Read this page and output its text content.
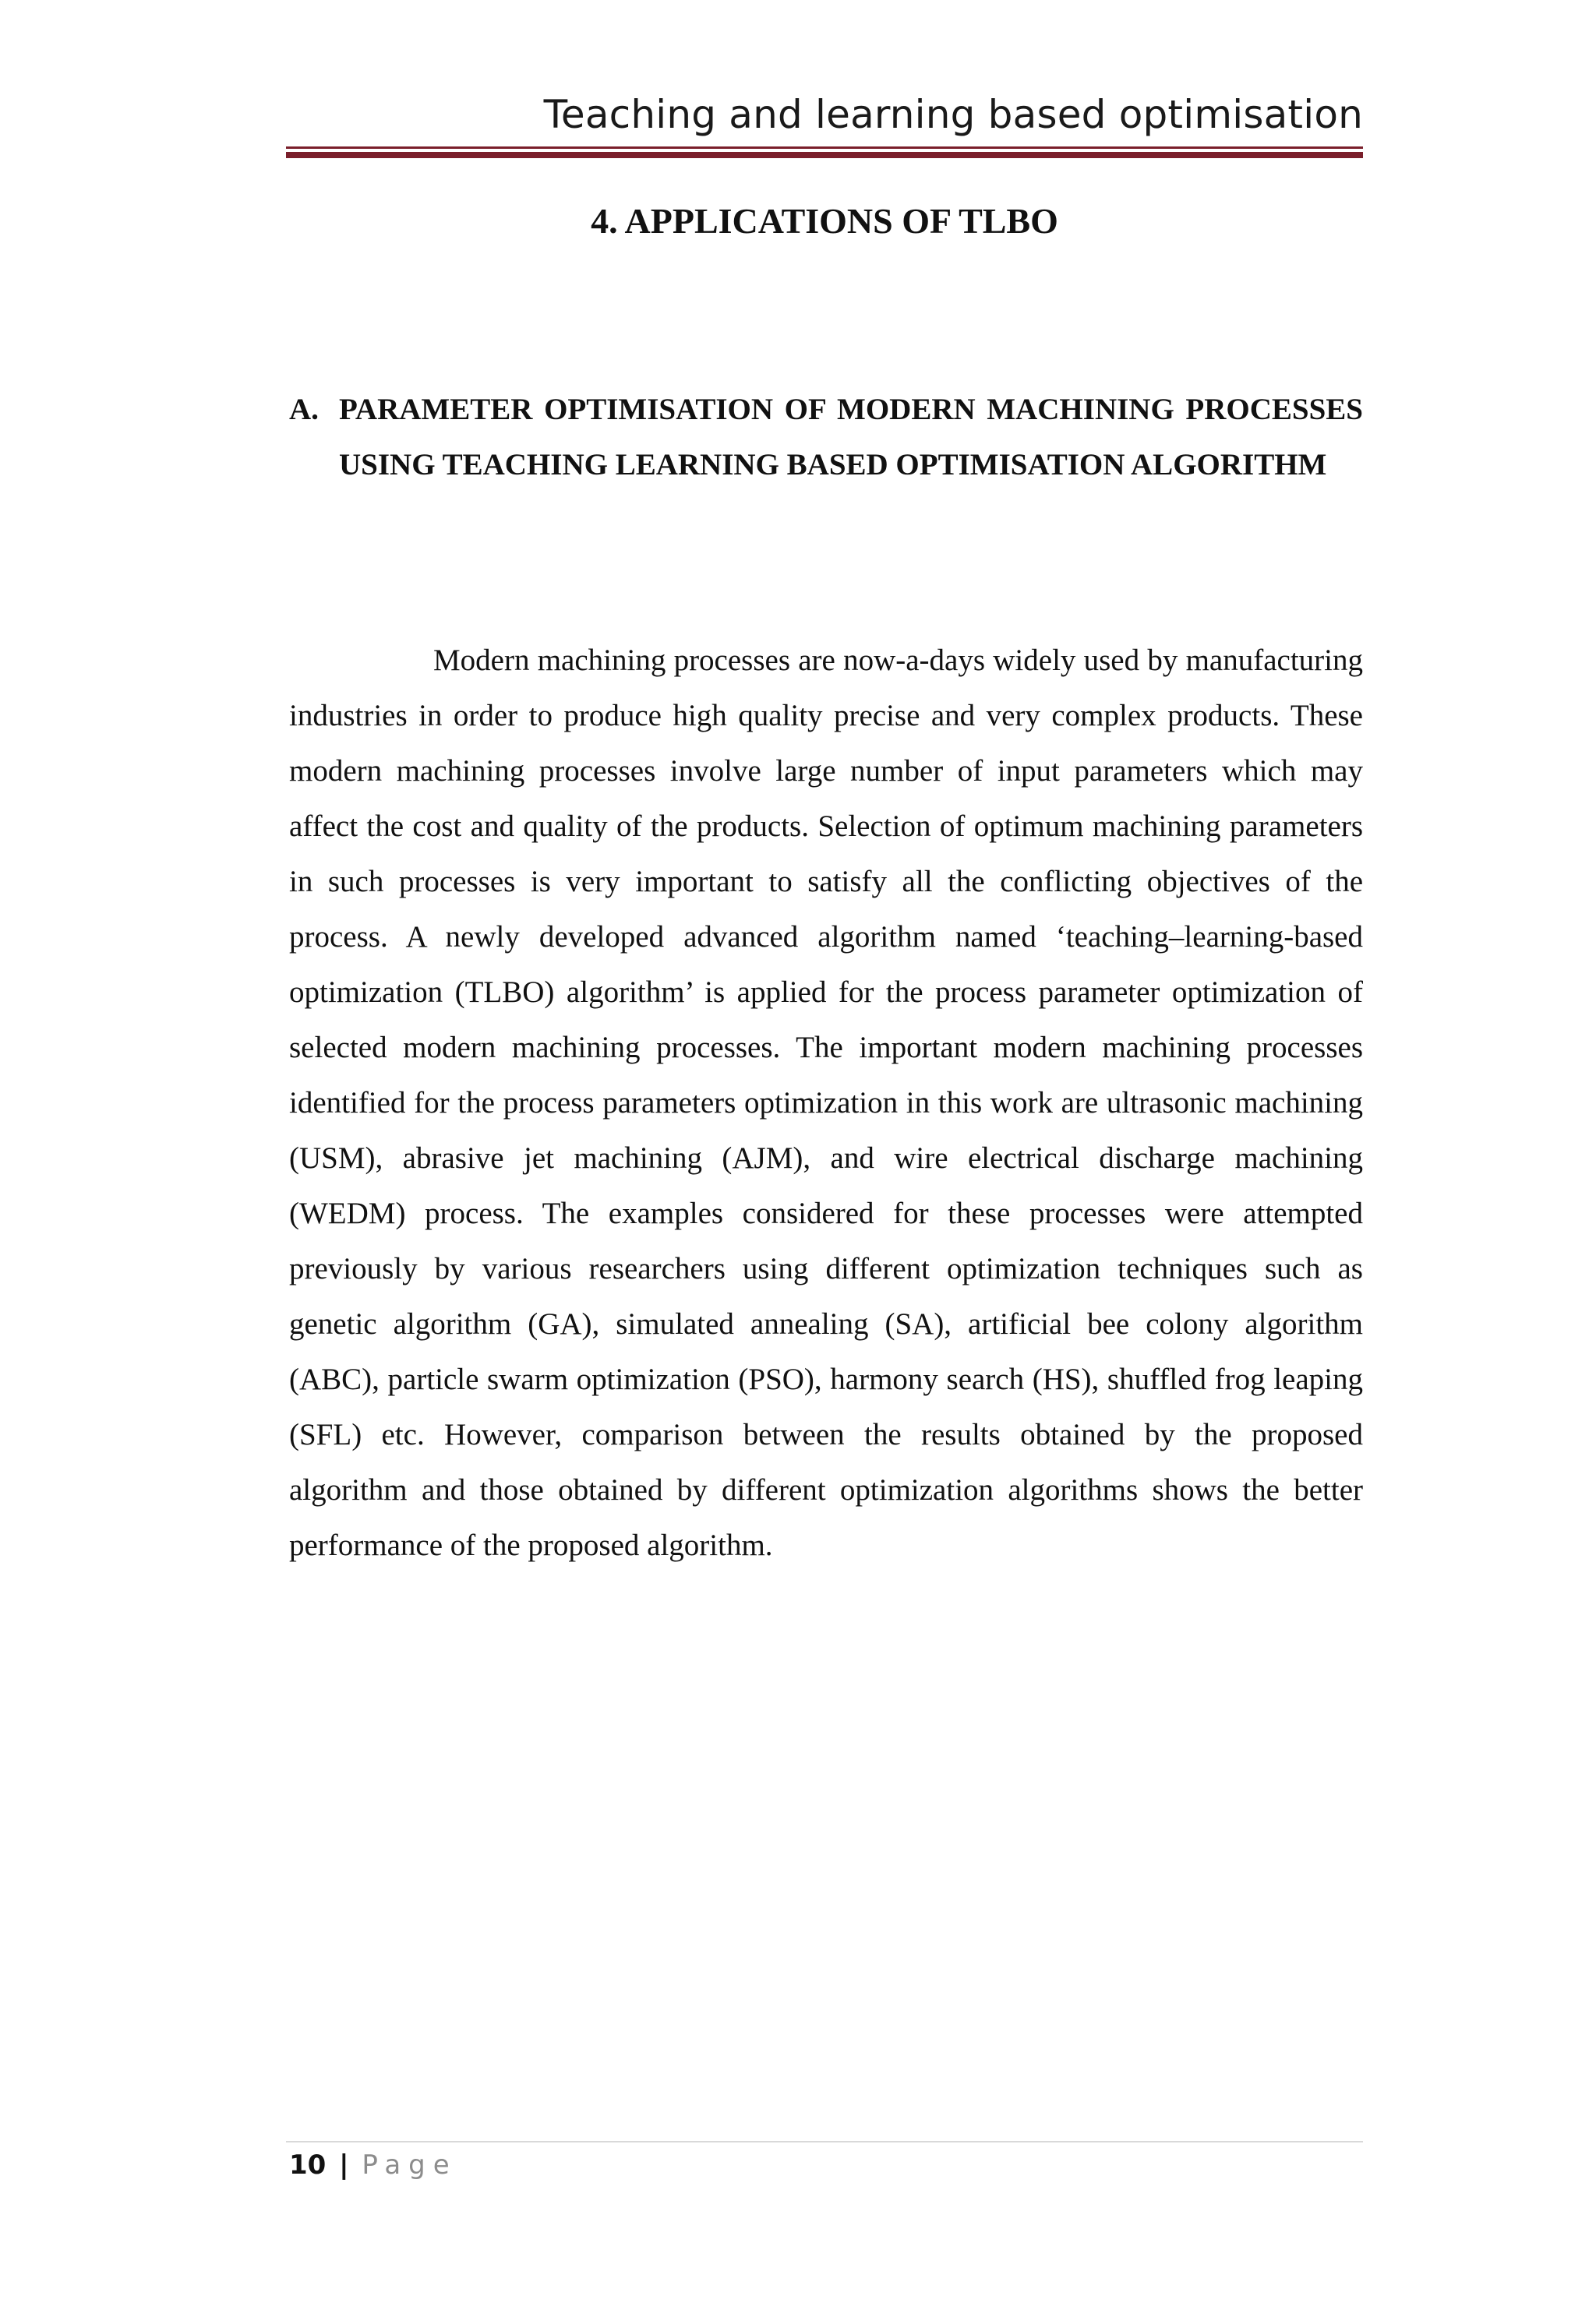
Teaching and learning based optimisation
4. APPLICATIONS OF TLBO
A. PARAMETER OPTIMISATION OF MODERN MACHINING PROCESSES USING TEACHING LEARNING BASED OPTIMISATION ALGORITHM

Modern machining processes are now-a-days widely used by manufacturing industries in order to produce high quality precise and very complex products. These modern machining processes involve large number of input parameters which may affect the cost and quality of the products. Selection of optimum machining parameters in such processes is very important to satisfy all the conflicting objectives of the process. A newly developed advanced algorithm named ‘teaching–learning-based optimization (TLBO) algorithm’ is applied for the process parameter optimization of selected modern machining processes. The important modern machining processes identified for the process parameters optimization in this work are ultrasonic machining (USM), abrasive jet machining (AJM), and wire electrical discharge machining (WEDM) process. The examples considered for these processes were attempted previously by various researchers using different optimization techniques such as genetic algorithm (GA), simulated annealing (SA), artificial bee colony algorithm (ABC), particle swarm optimization (PSO), harmony search (HS), shuffled frog leaping (SFL) etc. However, comparison between the results obtained by the proposed algorithm and those obtained by different optimization algorithms shows the better performance of the proposed algorithm.

10 | Page
